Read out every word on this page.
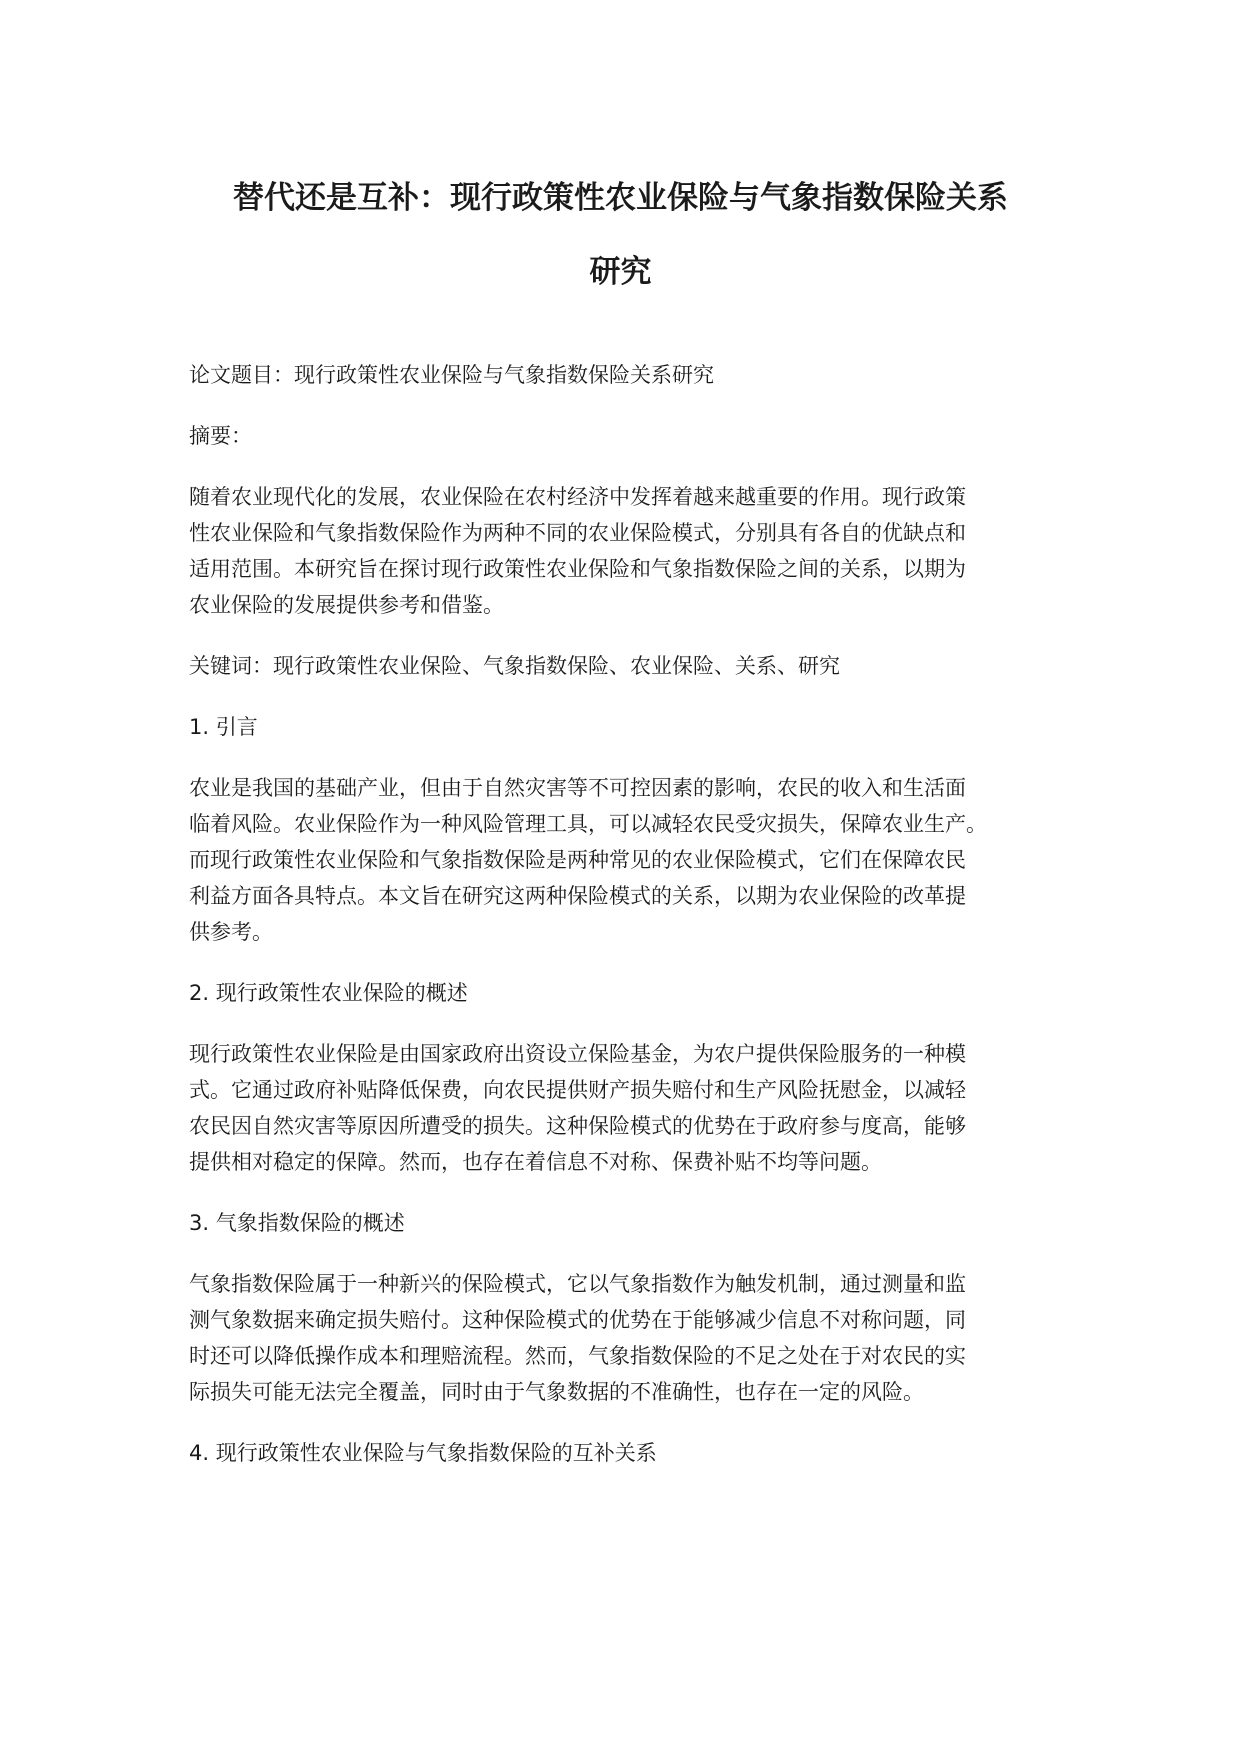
替代还是互补：现行政策性农业保险与气象指数保险关系
研究

论文题目：现行政策性农业保险与气象指数保险关系研究

摘要：

随着农业现代化的发展，农业保险在农村经济中发挥着越来越重要的作用。现行政策

性农业保险和气象指数保险作为两种不同的农业保险模式，分别具有各自的优缺点和

适用范围。本研究旨在探讨现行政策性农业保险和气象指数保险之间的关系，以期为

农业保险的发展提供参考和借鉴。

关键词：现行政策性农业保险、气象指数保险、农业保险、关系、研究

1. 引言

农业是我国的基础产业，但由于自然灾害等不可控因素的影响，农民的收入和生活面

临着风险。农业保险作为一种风险管理工具，可以减轻农民受灾损失，保障农业生产。

而现行政策性农业保险和气象指数保险是两种常见的农业保险模式，它们在保障农民

利益方面各具特点。本文旨在研究这两种保险模式的关系，以期为农业保险的改革提

供参考。

2. 现行政策性农业保险的概述

现行政策性农业保险是由国家政府出资设立保险基金，为农户提供保险服务的一种模

式。它通过政府补贴降低保费，向农民提供财产损失赔付和生产风险抚慰金，以减轻

农民因自然灾害等原因所遭受的损失。这种保险模式的优势在于政府参与度高，能够

提供相对稳定的保障。然而，也存在着信息不对称、保费补贴不均等问题。

3. 气象指数保险的概述

气象指数保险属于一种新兴的保险模式，它以气象指数作为触发机制，通过测量和监

测气象数据来确定损失赔付。这种保险模式的优势在于能够减少信息不对称问题，同

时还可以降低操作成本和理赔流程。然而，气象指数保险的不足之处在于对农民的实

际损失可能无法完全覆盖，同时由于气象数据的不准确性，也存在一定的风险。

4. 现行政策性农业保险与气象指数保险的互补关系
